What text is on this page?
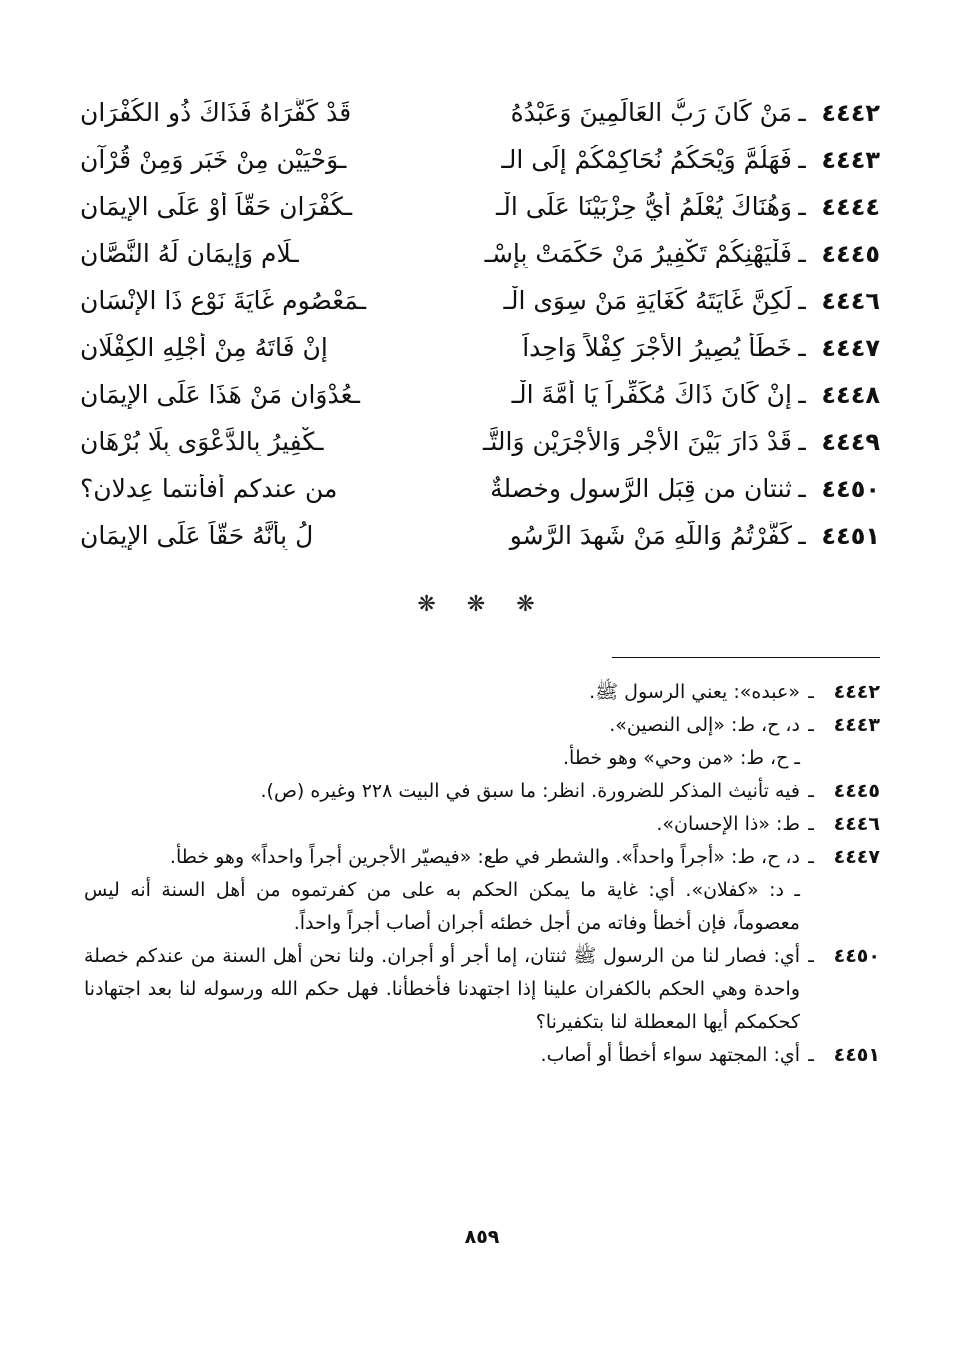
٤٤٤٢
ـ
مَنْ كَانَ رَبُّ العَالَمِينَ وَعَبْدُهُ
قَدْ كَفَّرَاهُ فَذَاكَ ذُو الكُفْرَانِ
٤٤٤٣
ـ
فَهَلُمَّ وَيْحَكُمُ نُحَاكِمْكُمْ إِلَى الـ
ـوَحْيَيْنِ مِنْ خَبَرٍ وَمِنْ قُرْآنِ
٤٤٤٤
ـ
وَهُنَاكَ يُعْلَمُ أَيُّ حِزْبَيْنَا عَلَى الْـ
ـكُفْرَانِ حَقّاً أَوْ عَلَى الإِيمَانِ
٤٤٤٥
ـ
فَلْيَهْنِكُمْ تَكْفِيرُ مَنْ حَكَمَتْ بِإِسْـ
ـلَامٍ وَإِيمَانٍ لَهُ النَّصَّانِ
٤٤٤٦
ـ
لَكِنَّ غَايَتَهُ كَغَايَةِ مَنْ سِوَى الْـ
ـمَعْصُومِ غَايَةَ نَوْعِ ذَا الإِنْسَانِ
٤٤٤٧
ـ
خَطَأٌ يُصِيرُ الأَجْرَ كِفْلاً وَاحِداً
إِنْ فَاتَهُ مِنْ أَجْلِهِ الكِفْلَانِ
٤٤٤٨
ـ
إِنْ كَانَ ذَاكَ مُكَفِّراً يَا أُمَّةَ الْـ
ـعُدْوَانِ مَنْ هَذَا عَلَى الإِيمَانِ
٤٤٤٩
ـ
قَدْ دَارَ بَيْنَ الأَجْرِ وَالأَجْرَيْنِ وَالتَّـ
ـكْفِيرُ بِالدَّعْوَى بِلَا بُرْهَانِ
٤٤٥٠
ـ
ثنتان من قِبَلِ الرَّسول وخصلةٌ
من عندكم أفأنتما عِدلان؟
٤٤٥١
ـ
كَفَّرْتُمُ وَاللَّهِ مَنْ شَهِدَ الرَّسُو
لُ بِأَنَّهُ حَقّاً عَلَى الإِيمَانِ
❋ ❋ ❋
٤٤٤٢
ـ
«عبده»: يعني الرسول ﷺ.
٤٤٤٣
ـ
د، ح، ط: «إلى النصين».
ـ ح، ط: «من وحي» وهو خطأ.
٤٤٤٥
ـ
فيه تأنيث المذكر للضرورة. انظر: ما سبق في البيت ٢٢٨ وغيره (ص).
٤٤٤٦
ـ
ط: «ذا الإحسان».
٤٤٤٧
ـ
د، ح، ط: «أجراً واحداً». والشطر في طع: «فيصيّر الأجرين أجراً واحداً» وهو خطأ.
ـ د: «كفلان». أي: غاية ما يمكن الحكم به على من كفرتموه من أهل السنة أنه ليس معصوماً، فإن أخطأ وفاته من أجل خطئه أجران أصاب أجراً واحداً.
٤٤٥٠
ـ
أي: فصار لنا من الرسول ﷺ ثنتان، إما أجر أو أجران. ولنا نحن أهل السنة من عندكم خصلة واحدة وهي الحكم بالكفران علينا إذا اجتهدنا فأخطأنا. فهل حكم الله ورسوله لنا بعد اجتهادنا كحكمكم أيها المعطلة لنا بتكفيرنا؟
٤٤٥١
ـ
أي: المجتهد سواء أخطأ أو أصاب.
٨٥٩
